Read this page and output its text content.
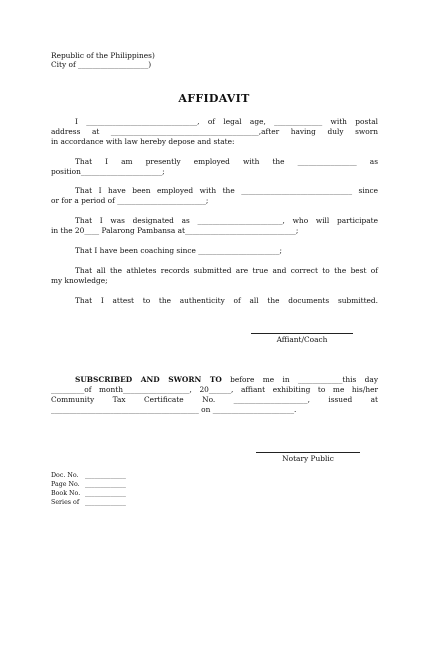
Republic of the Philippines)

City of ___________________)

AFFIDAVIT

I ______________________________, of legal age, _____________ with postal

address at ________________________________________,after having duly sworn

in accordance with law hereby depose and state:

That I am presently employed with the ________________ as

position______________________;

That I have been employed with the ______________________________ since

or for a period of ________________________;

That I was designated as _______________________, who will participate

in the 20____ Palarong Pambansa at______________________________;

That I have been coaching since ______________________;

That all the athletes records submitted are true and correct to the best of

my knowledge;

That I attest to the authenticity of all the documents submitted.

Affiant/Coach

SUBSCRIBED AND SWORN TO before me in ____________this day

_________of month__________________, 20______, affiant exhibiting to me his/her

Community Tax Certificate No. ____________________, issued at

________________________________________ on ______________________.

Notary Public
Doc. No. _____________
Page No. _____________
Book No. _____________
Series of _____________
